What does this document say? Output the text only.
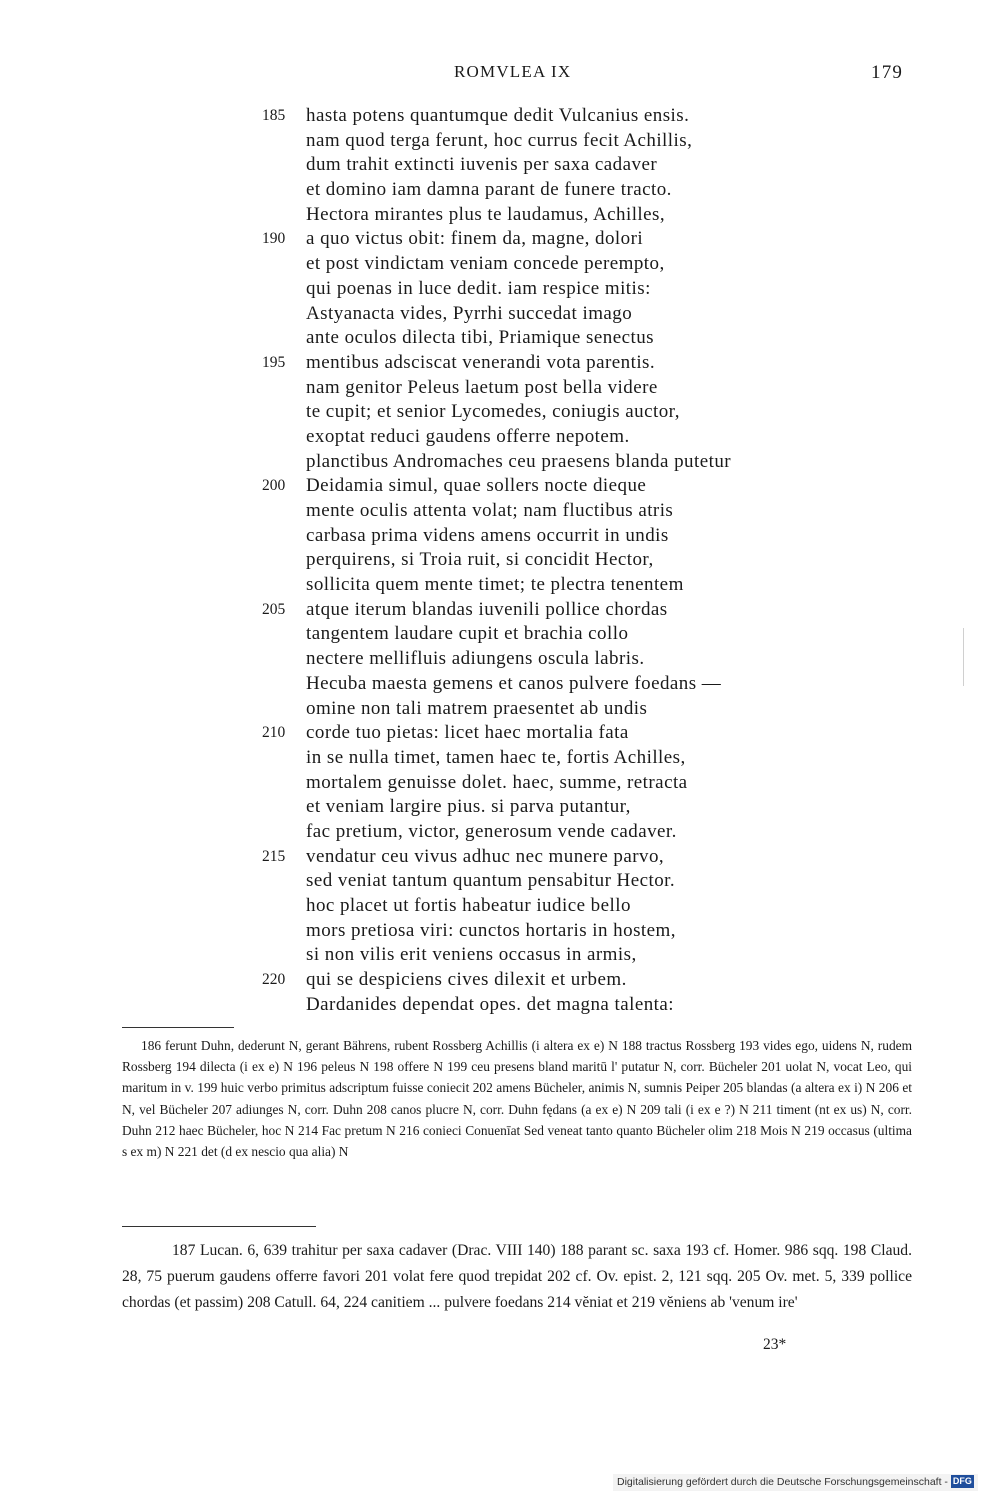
ROMVLEA IX	179
185 hasta potens quantumque dedit Vulcanius ensis.
nam quod terga ferunt, hoc currus fecit Achillis,
dum trahit extincti iuvenis per saxa cadaver
et domino iam damna parant de funere tracto.
Hectora mirantes plus te laudamus, Achilles,
190 a quo victus obit: finem da, magne, dolori
et post vindictam veniam concede perempto,
qui poenas in luce dedit. iam respice mitis:
Astyanacta vides, Pyrrhi succedat imago
ante oculos dilecta tibi, Priamique senectus
195 mentibus adsciscat venerandi vota parentis.
nam genitor Peleus laetum post bella videre
te cupit; et senior Lycomedes, coniugis auctor,
exoptat reduci gaudens offerre nepotem.
planctibus Andromaches ceu praesens blanda putetur
200 Deidamia simul, quae sollers nocte dieque
mente oculis attenta volat; nam fluctibus atris
carbasa prima videns amens occurrit in undis
perquirens, si Troia ruit, si concidit Hector,
sollicita quem mente timet; te plectra tenentem
205 atque iterum blandas iuvenili pollice chordas
tangentem laudare cupit et brachia collo
nectere mellifluis adiungens oscula labris.
Hecuba maesta gemens et canos pulvere foedans —
omine non tali matrem praesentet ab undis
210 corde tuo pietas: licet haec mortalia fata
in se nulla timet, tamen haec te, fortis Achilles,
mortalem genuisse dolet. haec, summe, retracta
et veniam largire pius. si parva putantur,
fac pretium, victor, generosum vende cadaver.
215 vendatur ceu vivus adhuc nec munere parvo,
sed veniat tantum quantum pensabitur Hector.
hoc placet ut fortis habeatur iudice bello
mors pretiosa viri: cunctos hortaris in hostem,
si non vilis erit veniens occasus in armis,
220 qui se despiciens cives dilexit et urbem.
Dardanides dependat opes. det magna talenta:
186 ferunt Duhn, dederunt N, gerant Bährens, rubent Rossberg Achillis (i altera ex e) N 188 tractus Rossberg 193 vides ego, uidens N, rudem Rossberg 194 dilecta (i ex e) N 196 peleus N 198 offere N 199 ceu presens bland maritū l' putatur N, corr. Bücheler 201 uolat N, vocat Leo, qui maritum in v. 199 huic verbo primitus adscriptum fuisse coniecit 202 amens Bücheler, animis N, sumnis Peiper 205 blandas (a altera ex i) N 206 et N, vel Bücheler 207 adiunges N, corr. Duhn 208 canos plucre N, corr. Duhn fędans (a ex e) N 209 tali (i ex e ?) N 211 timent (nt ex us) N, corr. Duhn 212 haec Bücheler, hoc N 214 Fac pretum N 216 conieci Conuenīat Sed veneat tanto quanto Bücheler olim 218 Mois N 219 occasus (ultima s ex m) N 221 det (d ex nescio qua alia) N
187 Lucan. 6, 639 trahitur per saxa cadaver (Drac. VIII 140) 188 parant sc. saxa 193 cf. Homer. 986 sqq. 198 Claud. 28, 75 puerum gaudens offerre favori 201 volat fere quod trepidat 202 cf. Ov. epist. 2, 121 sqq. 205 Ov. met. 5, 339 pollice chordas (et passim) 208 Catull. 64, 224 canitiem ... pulvere foedans 214 vĕniat et 219 vĕniens ab 'venum ire'
23*
Digitalisierung gefördert durch die Deutsche Forschungsgemeinschaft - DFG
